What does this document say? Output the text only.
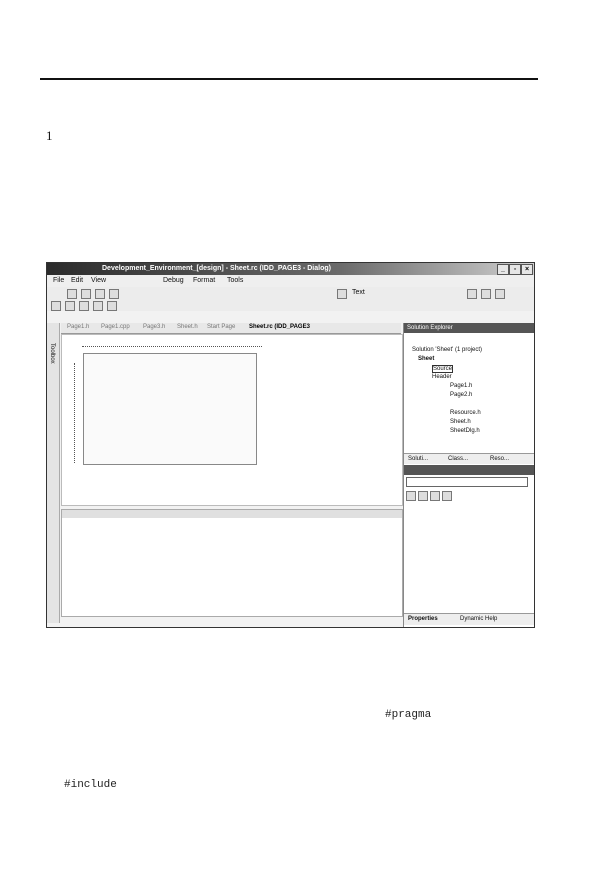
1
Development_Environment_[design] - Sheet.rc (IDD_PAGE3 - Dialog)	_	▫	×
File Edit View	Debug Format Tools
Text
Toolbox
Page1.h Page1.cpp Page3.h Sheet.h Start Page Sheet.rc (IDD_PAGE3	Solution Explorer
Solution 'Sheet' (1 project)
Sheet
Source
Header
Page1.h
Page2.h
Resource.h
Sheet.h
SheetDlg.h
Soluti...	Class...	Reso...
Properties	Dynamic Help
#pragma
#include
